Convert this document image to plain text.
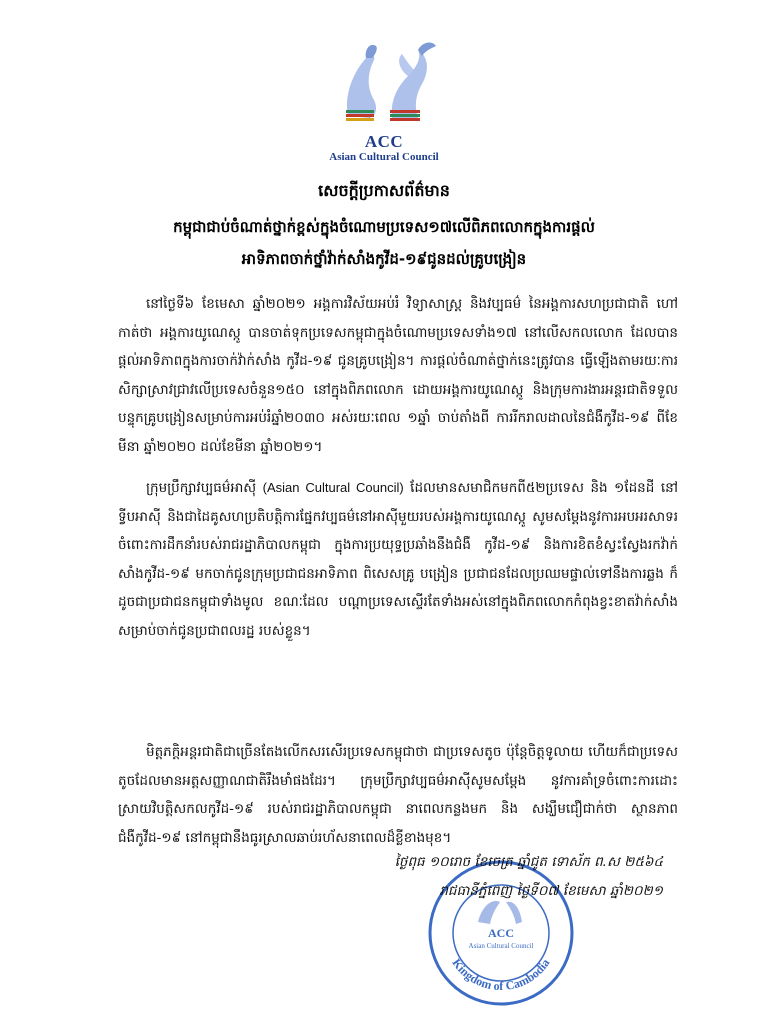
ACC
Asian Cultural Council
សេចក្តីប្រកាសព័ត៌មាន
កម្ពុជាជាប់ចំណាត់ថ្នាក់ខ្ពស់ក្នុងចំណោមប្រទេស១៧លើពិភពលោកក្នុងការផ្តល់
អាទិភាពចាក់ថ្នាំវ៉ាក់សាំងកូវីដ-១៩ជូនដល់គ្រូបង្រៀន

នៅថ្ងៃទី៦ ខែមេសា ឆ្នាំ២០២១ អង្គការវិស័យអប់រំ វិទ្យាសាស្ត្រ និងវប្បធម៌ នៃអង្គការសហប្រជាជាតិ ហៅកាត់ថា អង្គការយូណេស្កូ បានចាត់ទុកប្រទេសកម្ពុជាក្នុងចំណោមប្រទេសទាំង១៧ នៅលើសកលលោក ដែលបានផ្តល់អាទិភាពក្នុងការចាក់វ៉ាក់សាំង កូវីដ-១៩ ជូនគ្រូបង្រៀន។ ការផ្តល់ចំណាត់ថ្នាក់នេះត្រូវបាន ធ្វើឡើងតាមរយៈការសិក្សាស្រាវជ្រាវលើប្រទេសចំនួន១៥០ នៅក្នុងពិភពលោក ដោយអង្គការយូណេស្កូ និងក្រុមការងារអន្តរជាតិទទួលបន្ទុកគ្រូបង្រៀនសម្រាប់ការអប់រំឆ្នាំ២០៣០ អស់រយៈពេល ១ឆ្នាំ ចាប់តាំងពី ការរីករាលដាលនៃជំងឺកូវីដ-១៩ ពីខែមីនា ឆ្នាំ២០២០ ដល់ខែមីនា ឆ្នាំ២០២១។

ក្រុមប្រឹក្សាវប្បធម៌អាស៊ី (Asian Cultural Council) ដែលមានសមាជិកមកពី៥២ប្រទេស និង ១ដែនដី នៅទ្វីបអាស៊ី និងជាដៃគូសហប្រតិបត្តិការផ្នែកវប្បធម៌នៅអាស៊ីមួយរបស់អង្គការយូណេស្កូ សូមសម្តែងនូវការអបអរសាទរ ចំពោះការដឹកនាំរបស់រាជរដ្ឋាភិបាលកម្ពុជា ក្នុងការប្រយុទ្ធប្រឆាំងនឹងជំងឺ កូវីដ-១៩ និងការខិតខំស្វះស្វែងរកវ៉ាក់សាំងកូវីដ-១៩ មកចាក់ជូនក្រុមប្រជាជនអាទិភាព ពិសេសគ្រូ បង្រៀន ប្រជាជនដែលប្រឈមផ្ទាល់ទៅនឹងការឆ្លង ក៏ដូចជាប្រជាជនកម្ពុជាទាំងមូល ខណៈដែល បណ្តាប្រទេសស្ទើរតែទាំងអស់នៅក្នុងពិភពលោកកំពុងខ្វះខាតវ៉ាក់សាំងសម្រាប់ចាក់ជូនប្រជាពលរដ្ឋ របស់ខ្លួន។

មិត្តភក្តិអន្តរជាតិជាច្រើនតែងលើកសរសើរប្រទេសកម្ពុជាថា ជាប្រទេសតូច ប៉ុន្តែចិត្តទូលាយ ហើយក៏ជាប្រទេសតូចដែលមានអត្តសញ្ញាណជាតិរឹងមាំផងដែរ។ ក្រុមប្រឹក្សាវប្បធម៌អាស៊ីសូមសម្តែង នូវការគាំទ្រចំពោះការដោះស្រាយវិបត្តិសកលកូវីដ-១៩ របស់រាជរដ្ឋាភិបាលកម្ពុជា នាពេលកន្លងមក និង សង្ឃឹមជឿជាក់ថា ស្ថានភាពជំងឺកូវីដ-១៩ នៅកម្ពុជានឹងធូរស្រាលឆាប់រហ័សនាពេលដ៏ខ្លីខាងមុខ។

Kingdom of Cambodia
ACC
Asian Cultural Council
ថ្ងៃពុធ ១០រោច ខែចេត្រ ឆ្នាំជូត ទោស័ក ព.ស ២៥៦៤
រាជធានីភ្នំពេញ ថ្ងៃទី០៧ ខែមេសា ឆ្នាំ២០២១
